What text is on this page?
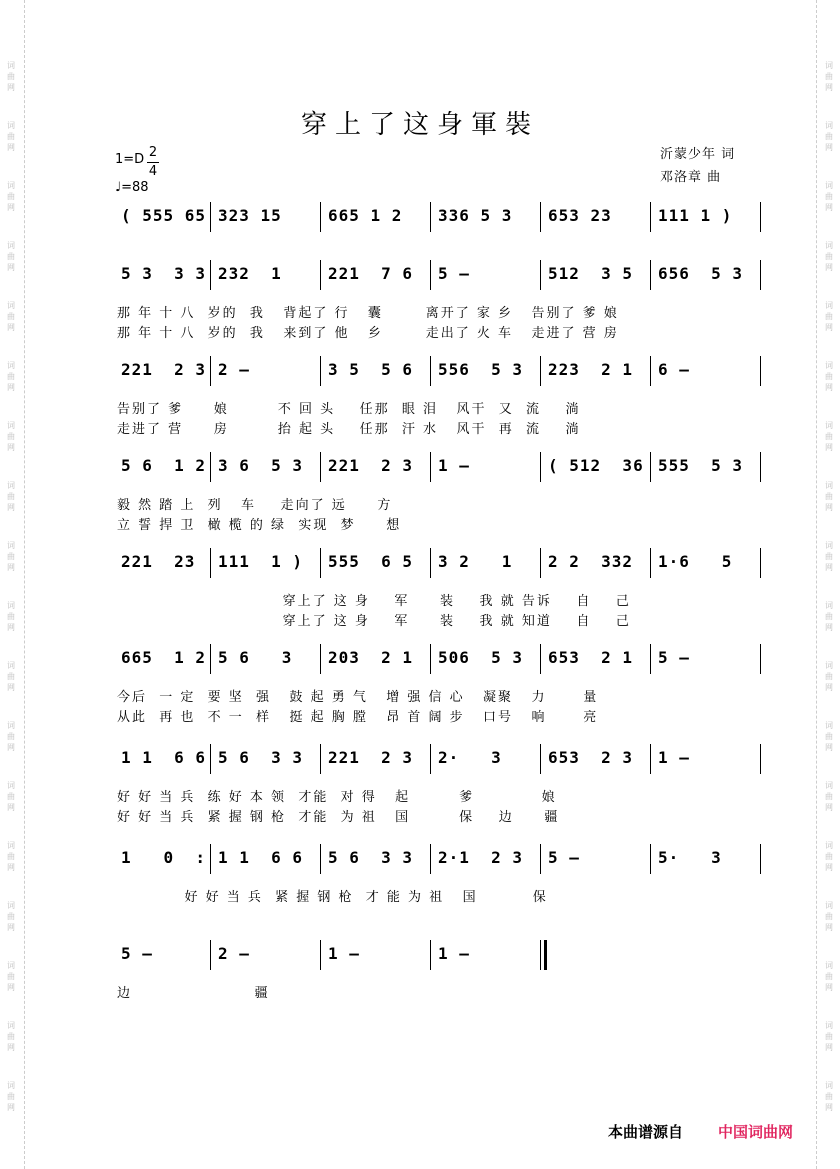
词
曲
网
词
曲
网
词
曲
网
词
曲
网
词
曲
网
词
曲
网
词
曲
网
词
曲
网
词
曲
网
词
曲
网
词
曲
网
词
曲
网
词
曲
网
词
曲
网
词
曲
网
词
曲
网
词
曲
网
词
曲
网
词
曲
网
词
曲
网
词
曲
网
词
曲
网
词
曲
网
词
曲
网
词
曲
网
词
曲
网
词
曲
网
词
曲
网
词
曲
网
词
曲
网
词
曲
网
词
曲
网
词
曲
网
词
曲
网
词
曲
网
词
曲
网
穿上了这身軍裝
1=D 2
4
♩=88
沂蒙少年 词
邓洛章 曲
( 555 65 323 15	665 1 2 336 5 3 653 23	111 1 )
5 3  3 3 232  1	221  7 6 5 –	512  3 5 656  5 3
那 年 十 八  岁的  我   背起了 行   囊       离开了 家 乡   告别了 爹 娘
那 年 十 八  岁的  我   来到了 他   乡       走出了 火 车   走进了 营 房
221  2 3 2 –	3 5  5 6 556  5 3 223  2 1 6 –
告别了 爹     娘        不 回 头    任那  眼 泪   风干  又  流    淌
走进了 营     房        抬 起 头    任那  汗 水   风干  再  流    淌
5 6  1 2 3 6  5 3 221  2 3 1 –	( 512  36 555  5 3
毅 然 踏 上  列   车    走向了 远     方
立 誓 捍 卫  橄 榄 的 绿  实现  梦     想
221  23 111  1 ) 555  6 5 3 2   1 2 2  332 1·6   5
穿上了 这 身    军     装    我 就 告诉    自    己
穿上了 这 身    军     装    我 就 知道    自    己
665  1 2 5 6   3 203  2 1 506  5 3 653  2 1 5 –
今后  一 定  要 坚  强   鼓 起 勇 气   增 强 信 心   凝聚   力      量
从此  再 也  不 一  样   挺 起 胸 膛   昂 首 阔 步   口号   响      亮
1 1  6 6 5 6  3 3 221  2 3 2·   3	653  2 3 1 –
好 好 当 兵  练 好 本 领  才能  对 得   起        爹           娘
好 好 当 兵  紧 握 钢 枪  才能  为 祖   国        保    边     疆
1   0  : 1 1  6 6 5 6  3 3 2·1  2 3 5 –	5·   3
好 好 当 兵  紧 握 钢 枪  才 能 为 祖   国         保
5 –	2 –	1 –	1 –
边                    疆
本曲谱源自 中国词曲网
